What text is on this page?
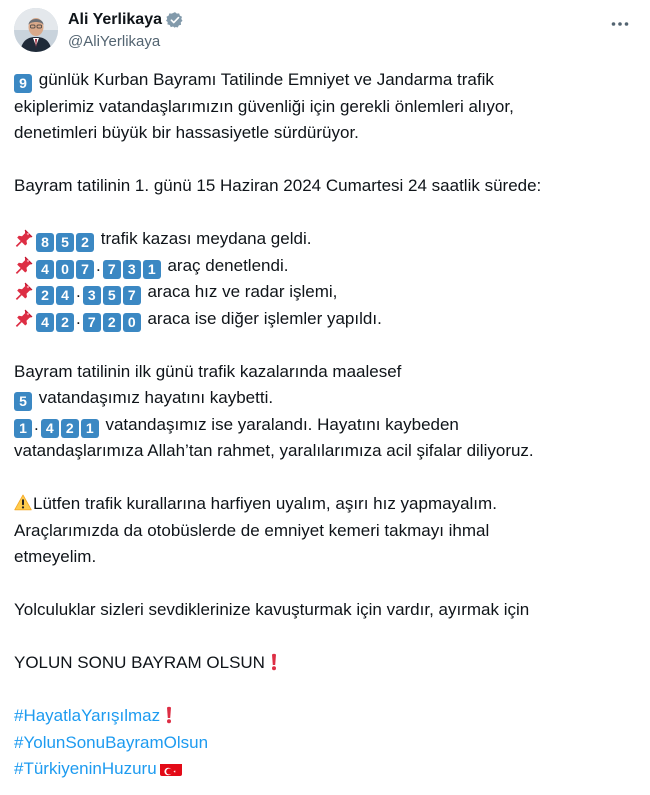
Ali Yerlikaya
@AliYerlikaya
9 günlük Kurban Bayramı Tatilinde Emniyet ve Jandarma trafik
ekiplerimiz vatandaşlarımızın güvenliği için gerekli önlemleri alıyor,
denetimleri büyük bir hassasiyetle sürdürüyor.
Bayram tatilinin 1. günü 15 Haziran 2024 Cumartesi 24 saatlik sürede:
8 5 2 trafik kazası meydana geldi.
4 0 7 . 7 3 1 araç denetlendi.
2 4 . 3 5 7 araca hız ve radar işlemi,
4 2 . 7 2 0 araca ise diğer işlemler yapıldı.
Bayram tatilinin ilk günü trafik kazalarında maalesef
5 vatandaşımız hayatını kaybetti.
1 . 4 2 1 vatandaşımız ise yaralandı. Hayatını kaybeden
vatandaşlarımıza Allah’tan rahmet, yaralılarımıza acil şifalar diliyoruz.
Lütfen trafik kurallarına harfiyen uyalım, aşırı hız yapmayalım.
Araçlarımızda da otobüslerde de emniyet kemeri takmayı ihmal
etmeyelim.
Yolculuklar sizleri sevdiklerinize kavuşturmak için vardır, ayırmak için
YOLUN SONU BAYRAM OLSUN
#HayatlaYarışılmaz
#YolunSonuBayramOlsun
#TürkiyeninHuzuru
